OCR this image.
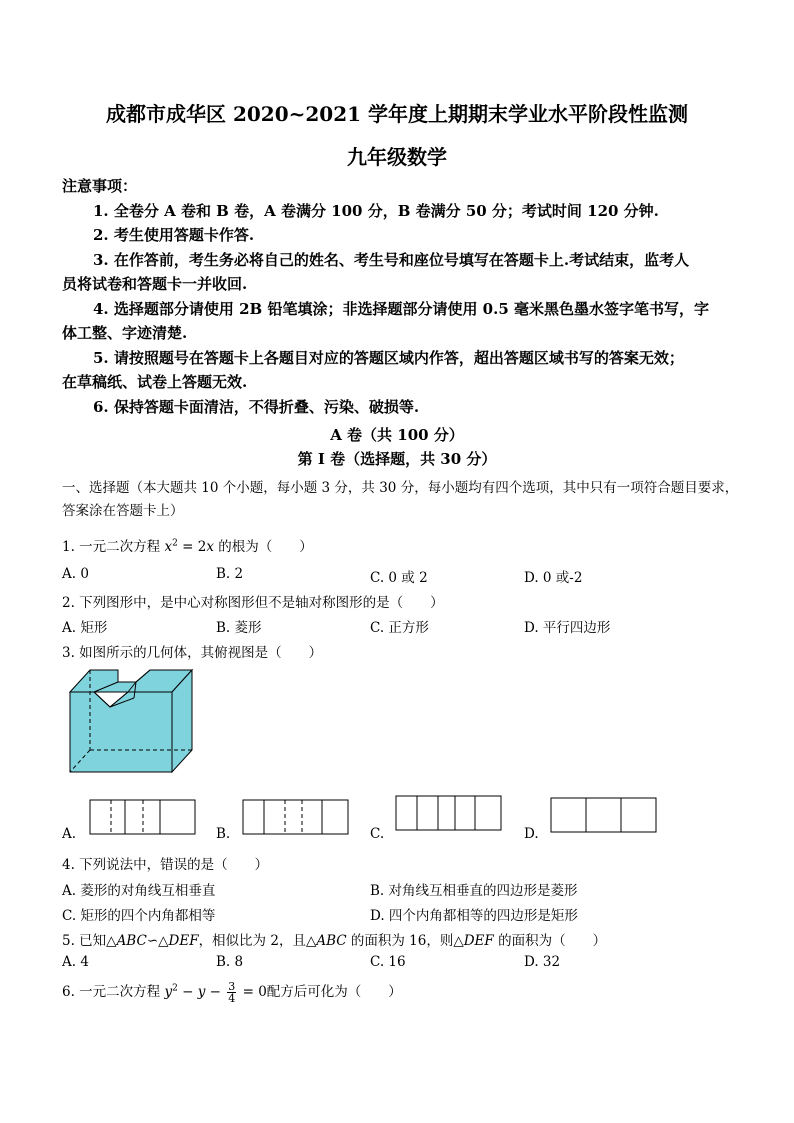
成都市成华区 2020~2021 学年度上期期末学业水平阶段性监测
九年级数学
注意事项：
1. 全卷分 A 卷和 B 卷，A 卷满分 100 分，B 卷满分 50 分；考试时间 120 分钟.
2. 考生使用答题卡作答.
3. 在作答前，考生务必将自己的姓名、考生号和座位号填写在答题卡上.考试结束，监考人
员将试卷和答题卡一并收回.
4. 选择题部分请使用 2B 铅笔填涂；非选择题部分请使用 0.5 毫米黑色墨水签字笔书写，字
体工整、字迹清楚.
5. 请按照题号在答题卡上各题目对应的答题区域内作答，超出答题区域书写的答案无效；
在草稿纸、试卷上答题无效.
6. 保持答题卡面清洁，不得折叠、污染、破损等.
A 卷（共 100 分）
第 I 卷（选择题，共 30 分）
一、选择题（本大题共 10 个小题，每小题 3 分，共 30 分，每小题均有四个选项，其中只有一项符合题目要求，
答案涂在答题卡上）
1. 一元二次方程 $x^2 = 2x$ 的根为（　　）
A. 0	B. 2	C. 0 或 2	D. 0 或-2
2. 下列图形中，是中心对称图形但不是轴对称图形的是（　　）
A. 矩形	B. 菱形	C. 正方形	D. 平行四边形
3. 如图所示的几何体，其俯视图是（　　）
A.	B.	C.	D.
4. 下列说法中，错误的是（　　）
A. 菱形的对角线互相垂直	B. 对角线互相垂直的四边形是菱形
C. 矩形的四个内角都相等	D. 四个内角都相等的四边形是矩形
5. 已知△ABC∽△DEF，相似比为 2，且△ABC 的面积为 16，则△DEF 的面积为（　　）
A. 4	B. 8	C. 16	D. 32
6. 一元二次方程 $y^2 - y - \frac{3}{4} = 0$配方后可化为（　　）
